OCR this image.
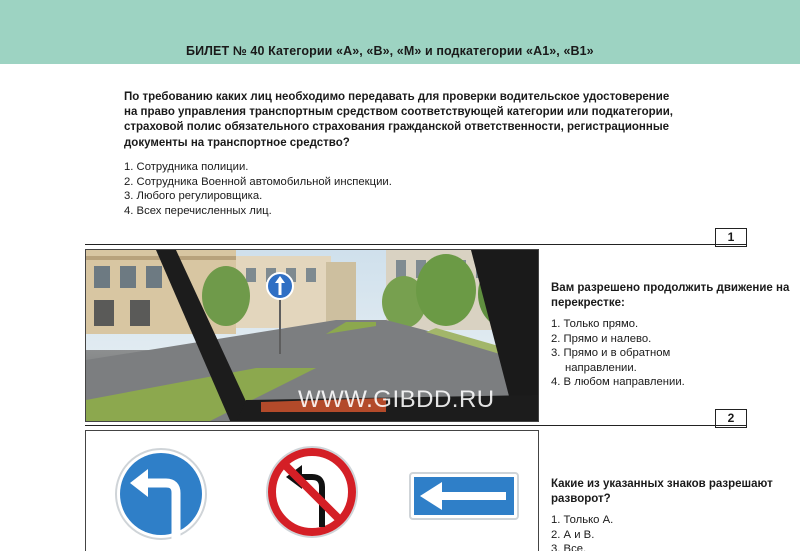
БИЛЕТ № 40 Категории «А», «В», «М» и подкатегории «А1», «В1»
По требованию каких лиц необходимо передавать для проверки водительское удостоверение на право управления транспортным средством соответствующей категории или подкатегории, страховой полис обязательного страхования гражданской ответственности, регистрационные документы на транспортное средство?
1. Сотрудника полиции.
2. Сотрудника Военной автомобильной инспекции.
3. Любого регулировщика.
4. Всех перечисленных лиц.
1
WWW.GIBDD.RU
Вам разрешено продолжить движение на перекрестке:
1. Только прямо.
2. Прямо и налево.
3. Прямо и в обратном
направлении.
4. В любом направлении.
2
Какие из указанных знаков разрешают разворот?
1. Только А.
2. А и В.
3. Все.
